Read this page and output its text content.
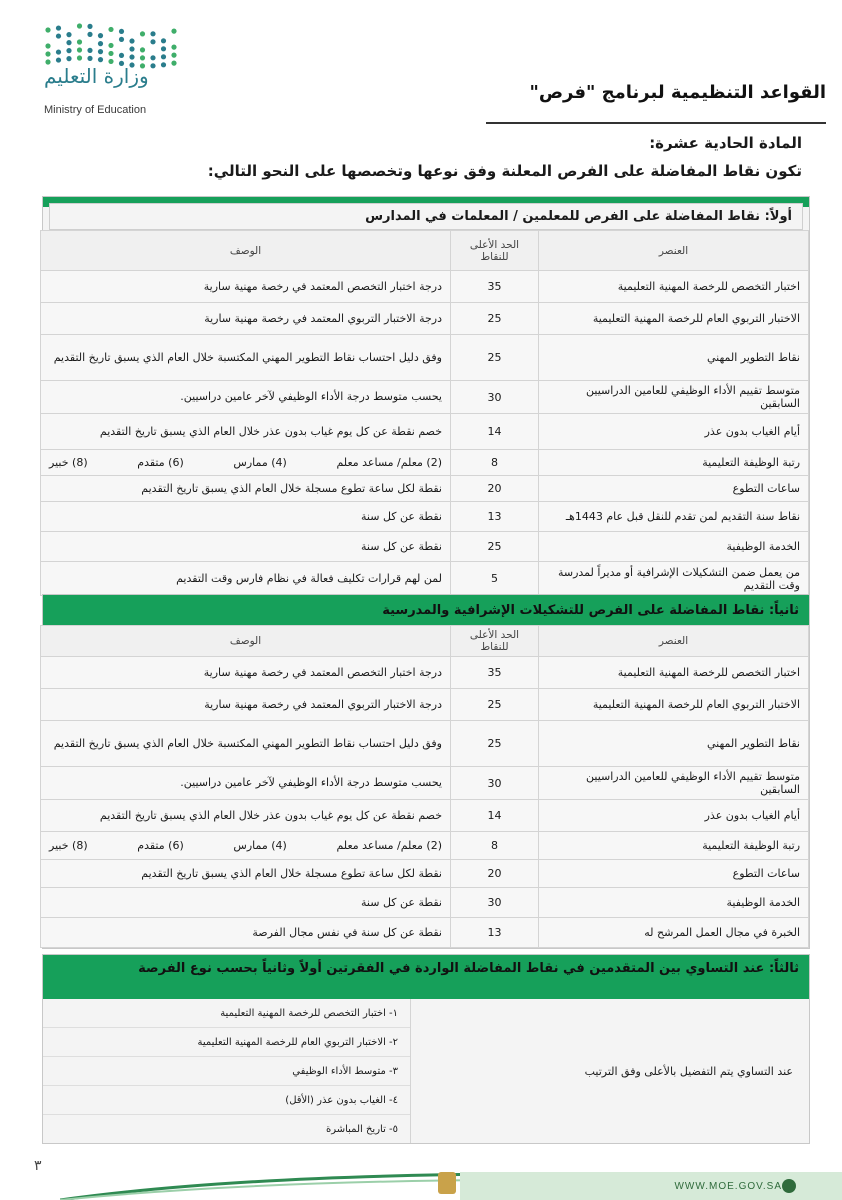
وزارة التعليم
Ministry of Education
القواعد التنظيمية لبرنامج "فرص"
المادة الحادية عشرة:
تكون نقاط المفاضلة على الفرص المعلنة وفق نوعها وتخصصها على النحو التالي:
أولاً: نقاط المفاضلة على الفرص للمعلمين / المعلمات في المدارس
العنصر	الحد الأعلى للنقاط	الوصف
اختبار التخصص للرخصة المهنية التعليمية	35	درجة اختبار التخصص المعتمد في رخصة مهنية سارية
الاختبار التربوي العام للرخصة المهنية التعليمية	25	درجة الاختبار التربوي المعتمد في رخصة مهنية سارية
نقاط التطوير المهني	25	وفق دليل احتساب نقاط التطوير المهني المكتسبة خلال العام الذي يسبق تاريخ التقديم
متوسط تقييم الأداء الوظيفي للعامين الدراسيين السابقين	30	يحسب متوسط درجة الأداء الوظيفي لآخر عامين دراسيين.
أيام الغياب بدون عذر	14	خصم نقطة عن كل يوم غياب بدون عذر خلال العام الذي يسبق تاريخ التقديم
رتبة الوظيفة التعليمية	8	(2) معلم/ مساعد معلم
(4) ممارس
(6) متقدم
(8) خبير

ساعات التطوع	20	نقطة لكل ساعة تطوع مسجلة خلال العام الذي يسبق تاريخ التقديم
نقاط سنة التقديم لمن تقدم للنقل قبل عام 1443هـ	13	نقطة عن كل سنة
الخدمة الوظيفية	25	نقطة عن كل سنة
من يعمل ضمن التشكيلات الإشرافية أو مديراً لمدرسة وقت التقديم	5	لمن لهم قرارات تكليف فعالة في نظام فارس وقت التقديم
ثانياً: نقاط المفاضلة على الفرص للتشكيلات الإشرافية والمدرسية
العنصر	الحد الأعلى للنقاط	الوصف
اختبار التخصص للرخصة المهنية التعليمية	35	درجة اختبار التخصص المعتمد في رخصة مهنية سارية
الاختبار التربوي العام للرخصة المهنية التعليمية	25	درجة الاختبار التربوي المعتمد في رخصة مهنية سارية
نقاط التطوير المهني	25	وفق دليل احتساب نقاط التطوير المهني المكتسبة خلال العام الذي يسبق تاريخ التقديم
متوسط تقييم الأداء الوظيفي للعامين الدراسيين السابقين	30	يحسب متوسط درجة الأداء الوظيفي لآخر عامين دراسيين.
أيام الغياب بدون عذر	14	خصم نقطة عن كل يوم غياب بدون عذر خلال العام الذي يسبق تاريخ التقديم
رتبة الوظيفة التعليمية	8	(2) معلم/ مساعد معلم
(4) ممارس
(6) متقدم
(8) خبير

ساعات التطوع	20	نقطة لكل ساعة تطوع مسجلة خلال العام الذي يسبق تاريخ التقديم
الخدمة الوظيفية	30	نقطة عن كل سنة
الخبرة في مجال العمل المرشح له	13	نقطة عن كل سنة في نفس مجال الفرصة
ثالثاً: عند التساوي بين المتقدمين في نقاط المفاضلة الواردة في الفقرتين أولاً وثانياً بحسب نوع الفرصة
عند التساوي يتم التفضيل بالأعلى وفق الترتيب
١- اختبار التخصص للرخصة المهنية التعليمية
٢- الاختبار التربوي العام للرخصة المهنية التعليمية
٣- متوسط الأداء الوظيفي
٤- الغياب بدون عذر (الأقل)
٥- تاريخ المباشرة
٣
WWW.MOE.GOV.SA
